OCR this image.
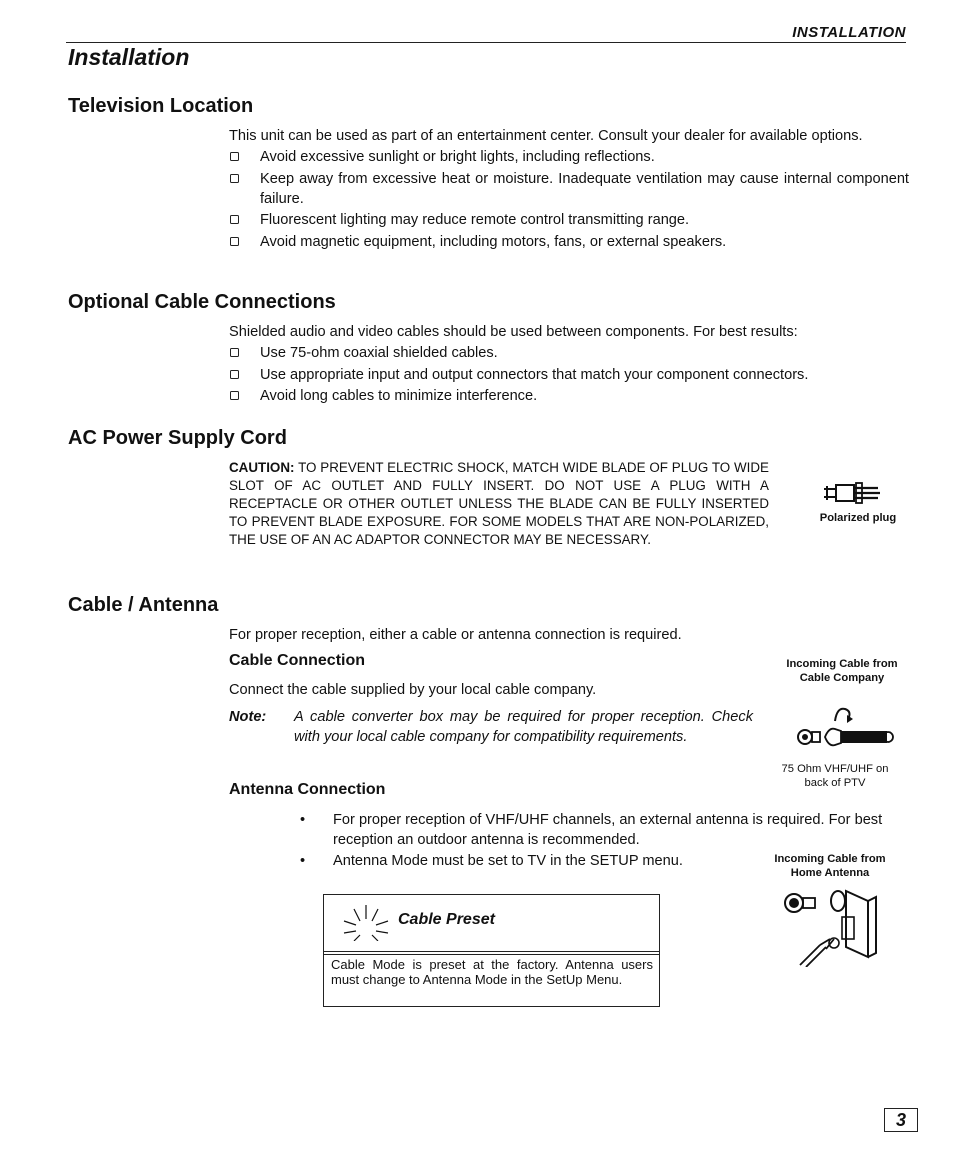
INSTALLATION
Installation
Television Location
This unit can be used as part of an entertainment center. Consult your dealer for available options.
Avoid excessive sunlight or bright lights, including reflections.
Keep away from excessive heat or moisture. Inadequate ventilation may cause internal component failure.
Fluorescent lighting may reduce remote control transmitting range.
Avoid magnetic equipment, including motors, fans, or external speakers.
Optional Cable Connections
Shielded audio and video cables should be used between components. For best results:
Use 75-ohm coaxial shielded cables.
Use appropriate input and output connectors that match your component connectors.
Avoid long cables to minimize interference.
AC Power Supply Cord
CAUTION: TO PREVENT ELECTRIC SHOCK, MATCH WIDE BLADE OF PLUG TO WIDE SLOT OF AC OUTLET AND FULLY INSERT. DO NOT USE A PLUG WITH A RECEPTACLE OR OTHER OUTLET UNLESS THE BLADE CAN BE FULLY INSERTED TO PREVENT BLADE EXPOSURE. FOR SOME MODELS THAT ARE NON-POLARIZED, THE USE OF AN AC ADAPTOR CONNECTOR MAY BE NECESSARY.
Polarized plug
Cable / Antenna
For proper reception, either a cable or antenna connection is required.
Cable Connection
Connect the cable supplied by your local cable company.
Note: A cable converter box may be required for proper reception. Check with your local cable company for compatibility requirements.
Incoming Cable from Cable Company
75 Ohm VHF/UHF on back of PTV
Antenna Connection
• For proper reception of VHF/UHF channels, an external antenna is required. For best reception an outdoor antenna is recommended.
• Antenna Mode must be set to TV in the SETUP menu.	Incoming Cable from Home Antenna
Cable Preset
Cable Mode is preset at the factory. Antenna users must change to Antenna Mode in the SetUp Menu.
3
